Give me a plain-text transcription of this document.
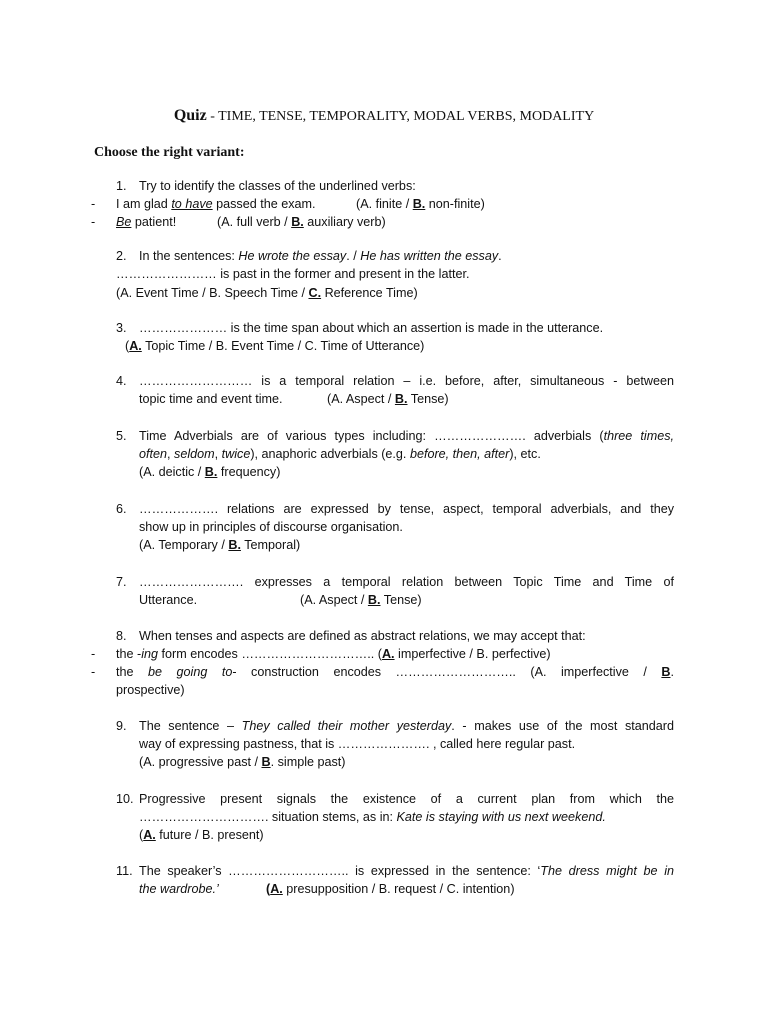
Quiz - TIME, TENSE, TEMPORALITY, MODAL VERBS, MODALITY
Choose the right variant:
1. Try to identify the classes of the underlined verbs:
- I am glad to have passed the exam.	(A. finite / B. non-finite)
- Be patient!	(A. full verb / B. auxiliary verb)
2. In the sentences: He wrote the essay. / He has written the essay.
…………………… is past in the former and present in the latter.
(A. Event Time / B. Speech Time / C. Reference Time)
3. ………………… is the time span about which an assertion is made in the utterance.
(A. Topic Time / B. Event Time / C. Time of Utterance)
4. ……………………… is a temporal relation – i.e. before, after, simultaneous - between
topic time and event time.	(A. Aspect / B. Tense)
5. Time Adverbials are of various types including: …………………. adverbials (three times,
often, seldom, twice), anaphoric adverbials (e.g. before, then, after), etc.
(A. deictic / B. frequency)
6. ………………. relations are expressed by tense, aspect, temporal adverbials, and they
show up in principles of discourse organisation.
(A. Temporary / B. Temporal)
7. ……………………. expresses a temporal relation between Topic Time and Time of
Utterance.	(A. Aspect / B. Tense)
8. When tenses and aspects are defined as abstract relations, we may accept that:
- the -ing form encodes ………………………….. (A. imperfective / B. perfective)
- the be going to- construction encodes ……………………….. (A. imperfective / B.
prospective)
9. The sentence – They called their mother yesterday. - makes use of the most standard
way of expressing pastness, that is …………………. , called here regular past.
(A. progressive past / B. simple past)
10. Progressive present signals the existence of a current plan from which the
…………………………. situation stems, as in: Kate is staying with us next weekend.
(A. future / B. present)
11. The speaker’s ……………………….. is expressed in the sentence: ‘The dress might be in
the wardrobe.’	(A. presupposition / B. request / C. intention)
